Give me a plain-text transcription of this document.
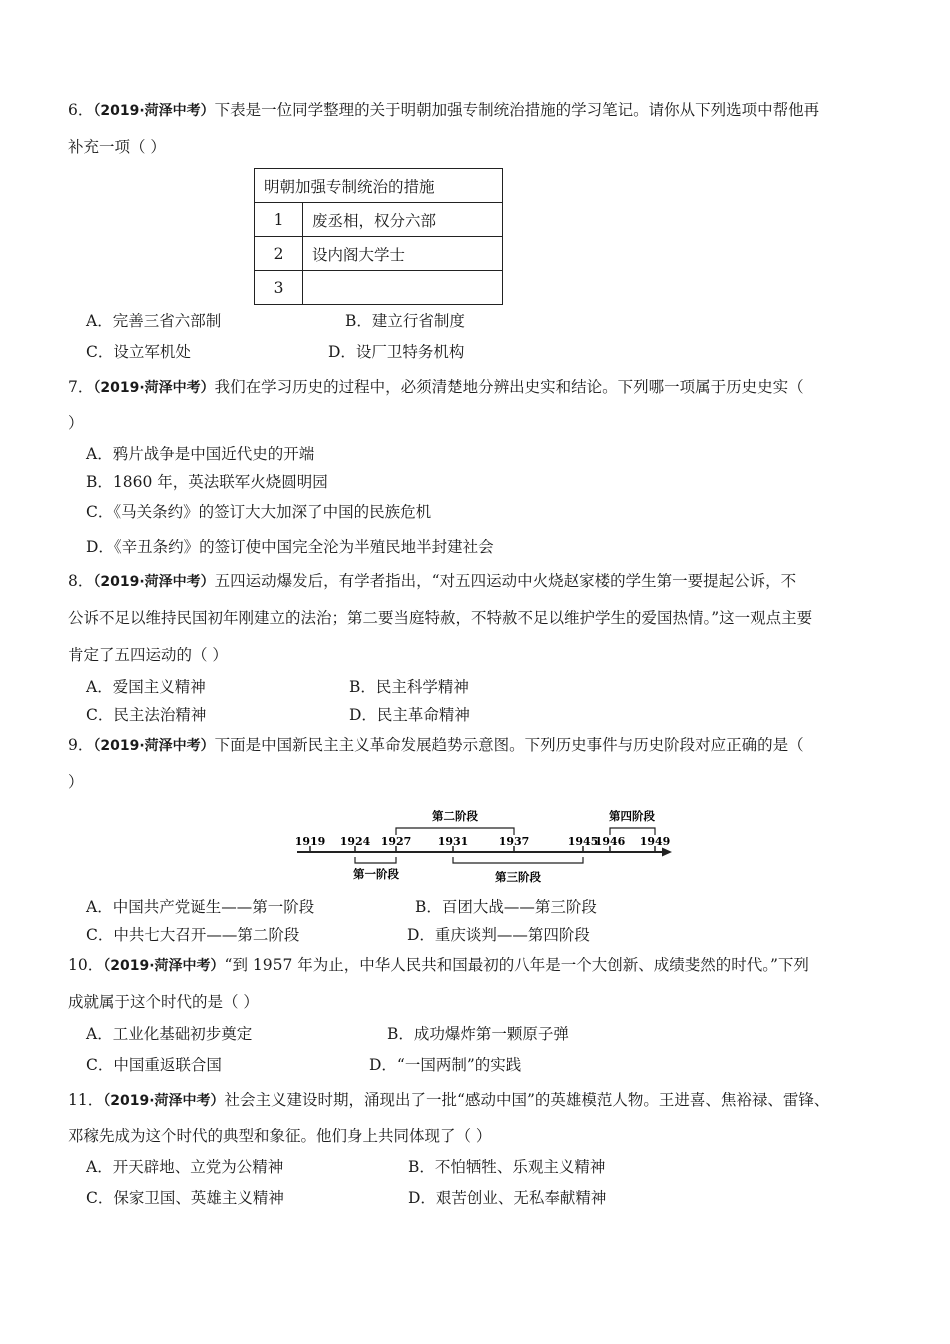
6．（2019·菏泽中考）下表是一位同学整理的关于明朝加强专制统治措施的学习笔记。请你从下列选项中帮他再
补充一项（ ）
明朝加强专制统治的措施	
1	废丞相，权分六部
2	设内阁大学士
3	
A．完善三省六部制	B．建立行省制度
C．设立军机处	D．设厂卫特务机构
7．（2019·菏泽中考）我们在学习历史的过程中，必须清楚地分辨出史实和结论。下列哪一项属于历史史实（
）
A．鸦片战争是中国近代史的开端
B．1860 年，英法联军火烧圆明园
C．《马关条约》的签订大大加深了中国的民族危机
D．《辛丑条约》的签订使中国完全沦为半殖民地半封建社会
8．（2019·菏泽中考）五四运动爆发后，有学者指出，“对五四运动中火烧赵家楼的学生第一要提起公诉，不
公诉不足以维持民国初年刚建立的法治；第二要当庭特赦，不特赦不足以维护学生的爱国热情。”这一观点主要
肯定了五四运动的（ ）
A．爱国主义精神	B．民主科学精神
C．民主法治精神	D．民主革命精神
9．（2019·菏泽中考）下面是中国新民主主义革命发展趋势示意图。下列历史事件与历史阶段对应正确的是（
）
1919 1924 1927 1931	1937	1945
1946 1949
第二阶段	第四阶段
第一阶段	第三阶段
A．中国共产党诞生——第一阶段	B．百团大战——第三阶段
C．中共七大召开——第二阶段	D．重庆谈判——第四阶段
10．（2019·菏泽中考）“到 1957 年为止，中华人民共和国最初的八年是一个大创新、成绩斐然的时代。”下列
成就属于这个时代的是（ ）
A．工业化基础初步奠定	B．成功爆炸第一颗原子弹
C．中国重返联合国	D．“一国两制”的实践
11．（2019·菏泽中考）社会主义建设时期，涌现出了一批“感动中国”的英雄模范人物。王进喜、焦裕禄、雷锋、
邓稼先成为这个时代的典型和象征。他们身上共同体现了（ ）
A．开天辟地、立党为公精神	B．不怕牺牲、乐观主义精神
C．保家卫国、英雄主义精神	D．艰苦创业、无私奉献精神
